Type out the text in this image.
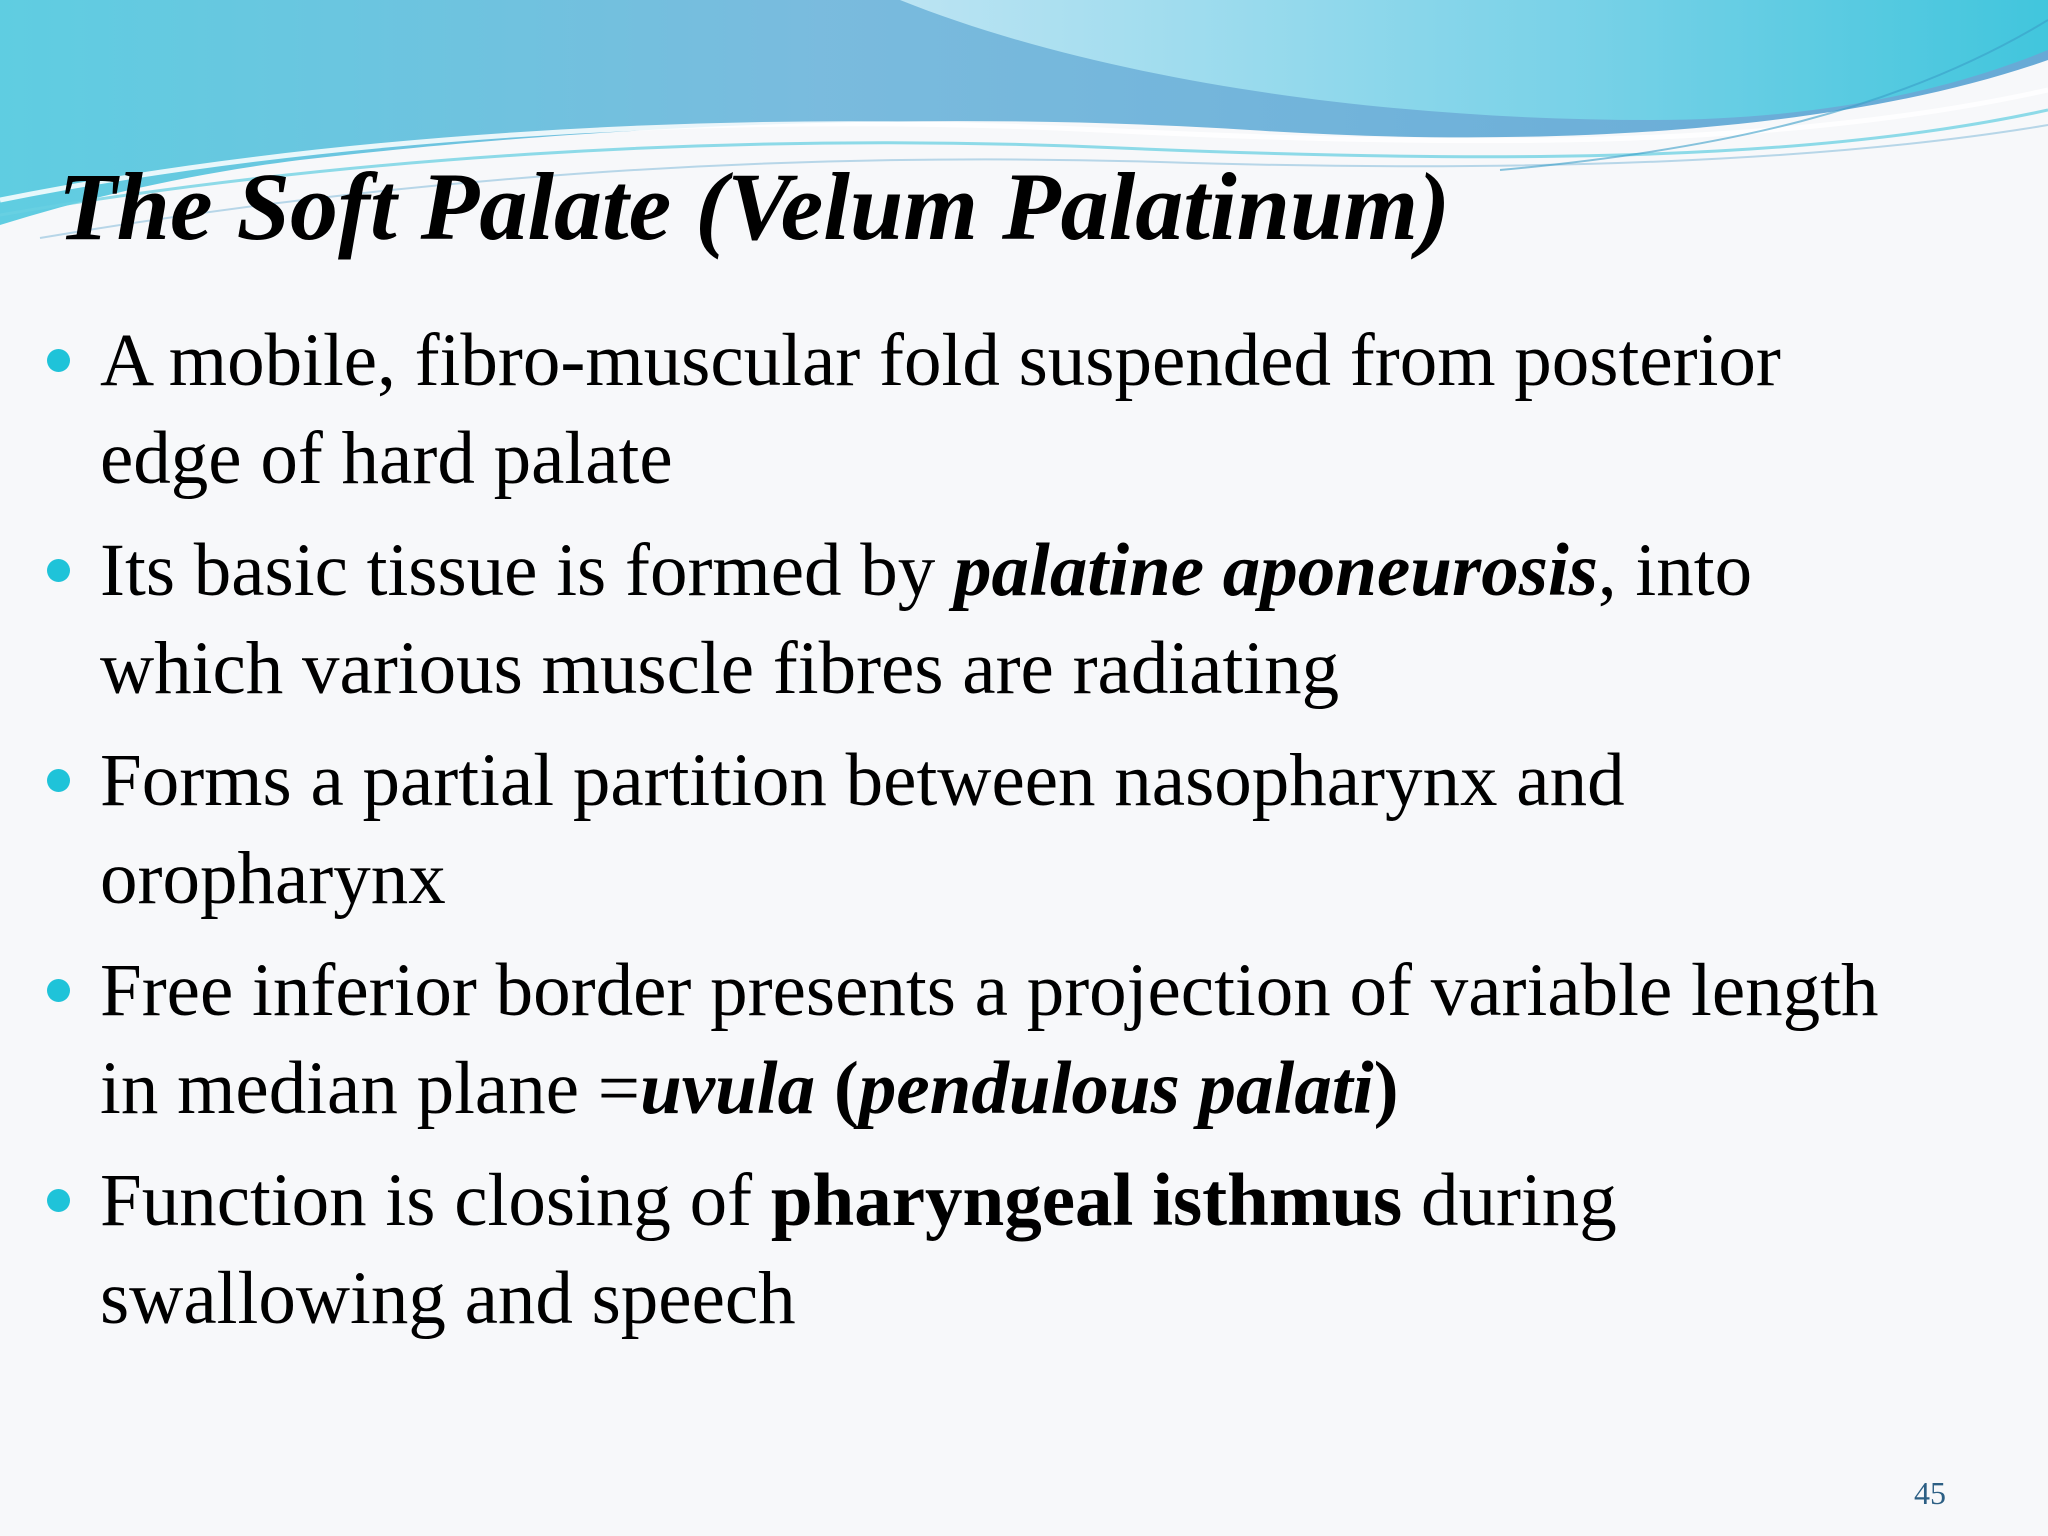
The Soft Palate (Velum Palatinum)
A mobile, fibro-muscular fold suspended from posterior
edge of hard palate
Its basic tissue is formed by palatine aponeurosis, into
which various muscle fibres are radiating
Forms a partial partition between nasopharynx and
oropharynx
Free inferior border presents a projection of variable length
in median plane =uvula (pendulous palati)
Function is closing of pharyngeal isthmus during
swallowing and speech
45
